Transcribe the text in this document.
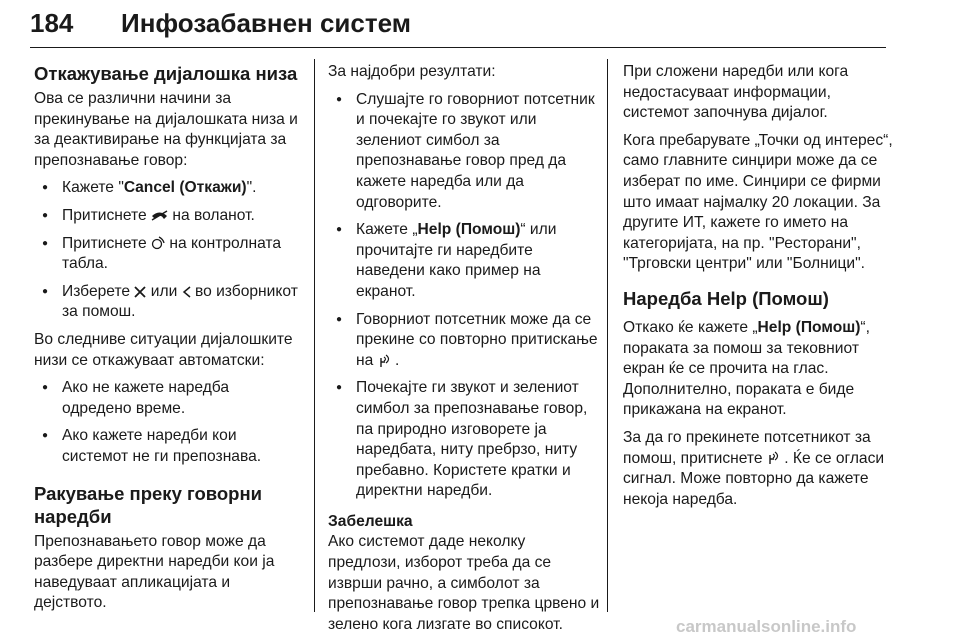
184 Инфозабавнен систем
Откажување дијалошка низа

Ова се различни начини за прекинување на дијалошката низа и за деактивирање на функцијата за препознавање говор:

● Кажете "Cancel (Откажи)".
● Притиснете на воланот.
● Притиснете на контролната табла.
● Изберете или во изборникот за помош.

Во следниве ситуации дијалошките низи се откажуваат автоматски:

● Ако не кажете наредба одредено време.
● Ако кажете наредби кои системот не ги препознава.
Ракување преку говорни наредби

Препознавањето говор може да разбере директни наредби кои ја наведуваат апликацијата и дејството.

За најдобри резултати:

● Слушајте го говорниот потсетник и почекајте го звукот или зелениот симбол за препознавање говор пред да кажете наредба или да одговорите.
● Кажете „Help (Помош)“ или прочитајте ги наредбите наведени како пример на екранот.
● Говорниот потсетник може да се прекине со повторно притискање на .
● Почекајте ги звукот и зелениот симбол за препознавање говор, па природно изговорете ја наредбата, ниту пребрзо, ниту пребавно. Користете кратки и директни наредби.
Забелешка

Ако системот даде неколку предлози, изборот треба да се изврши рачно, а симболот за препознавање говор трепка црвено и зелено кога лизгате во списокот.

При сложени наредби или кога недостасуваат информации, системот започнува дијалог.

Кога пребарувате „Точки од интерес“, само главните синџири може да се изберат по име. Синџири се фирми што имаат најмалку 20 локации. За другите ИТ, кажете го името на категоријата, на пр. "Ресторани", "Трговски центри" или "Болници".

Наредба Help (Помош)

Откако ќе кажете „Help (Помош)“, пораката за помош за тековниот екран ќе се прочита на глас. Дополнително, пораката е биде прикажана на екранот.

За да го прекинете потсетникот за помош, притиснете . Ќе се огласи сигнал. Може повторно да кажете некоја наредба.

carmanualsonline.info
